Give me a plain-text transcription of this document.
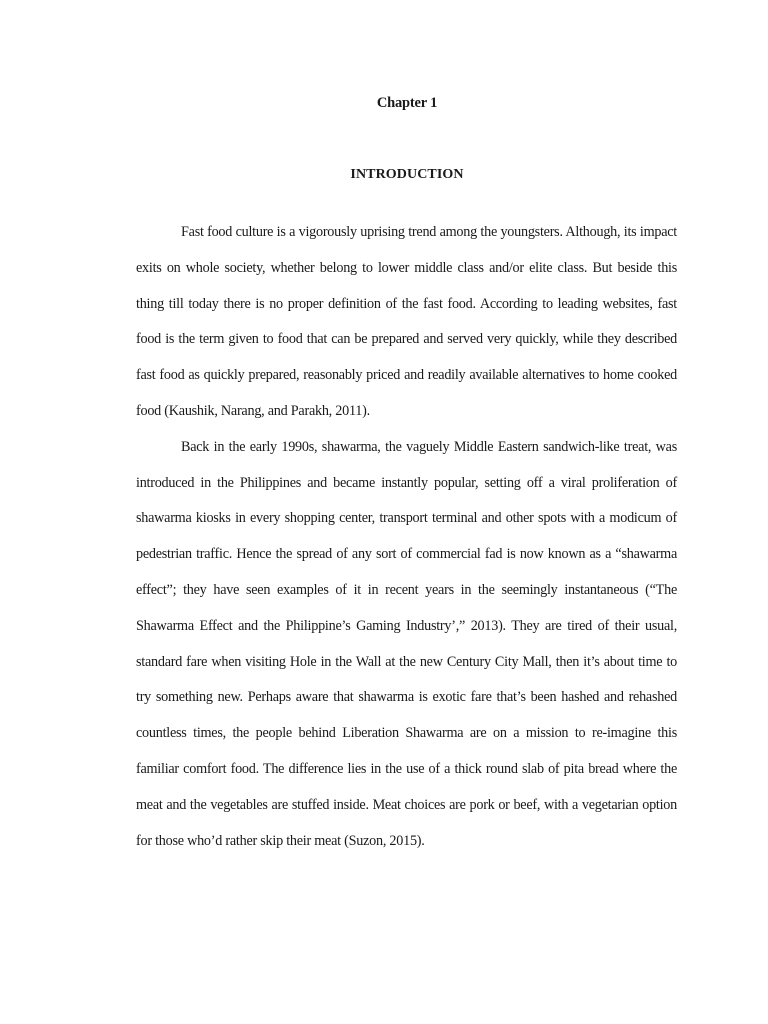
Chapter 1
INTRODUCTION

Fast food culture is a vigorously uprising trend among the youngsters. Although, its impact exits on whole society, whether belong to lower middle class and/or elite class. But beside this thing till today there is no proper definition of the fast food. According to leading websites, fast food is the term given to food that can be prepared and served very quickly, while they described fast food as quickly prepared, reasonably priced and readily available alternatives to home cooked food (Kaushik, Narang, and Parakh, 2011).

Back in the early 1990s, shawarma, the vaguely Middle Eastern sandwich-like treat, was introduced in the Philippines and became instantly popular, setting off a viral proliferation of shawarma kiosks in every shopping center, transport terminal and other spots with a modicum of pedestrian traffic. Hence the spread of any sort of commercial fad is now known as a “shawarma effect”; they have seen examples of it in recent years in the seemingly instantaneous (“The Shawarma Effect and the Philippine’s Gaming Industry’,” 2013). They are tired of their usual, standard fare when visiting Hole in the Wall at the new Century City Mall, then it’s about time to try something new. Perhaps aware that shawarma is exotic fare that’s been hashed and rehashed countless times, the people behind Liberation Shawarma are on a mission to re-imagine this familiar comfort food. The difference lies in the use of a thick round slab of pita bread where the meat and the vegetables are stuffed inside. Meat choices are pork or beef, with a vegetarian option for those who’d rather skip their meat (Suzon, 2015).
